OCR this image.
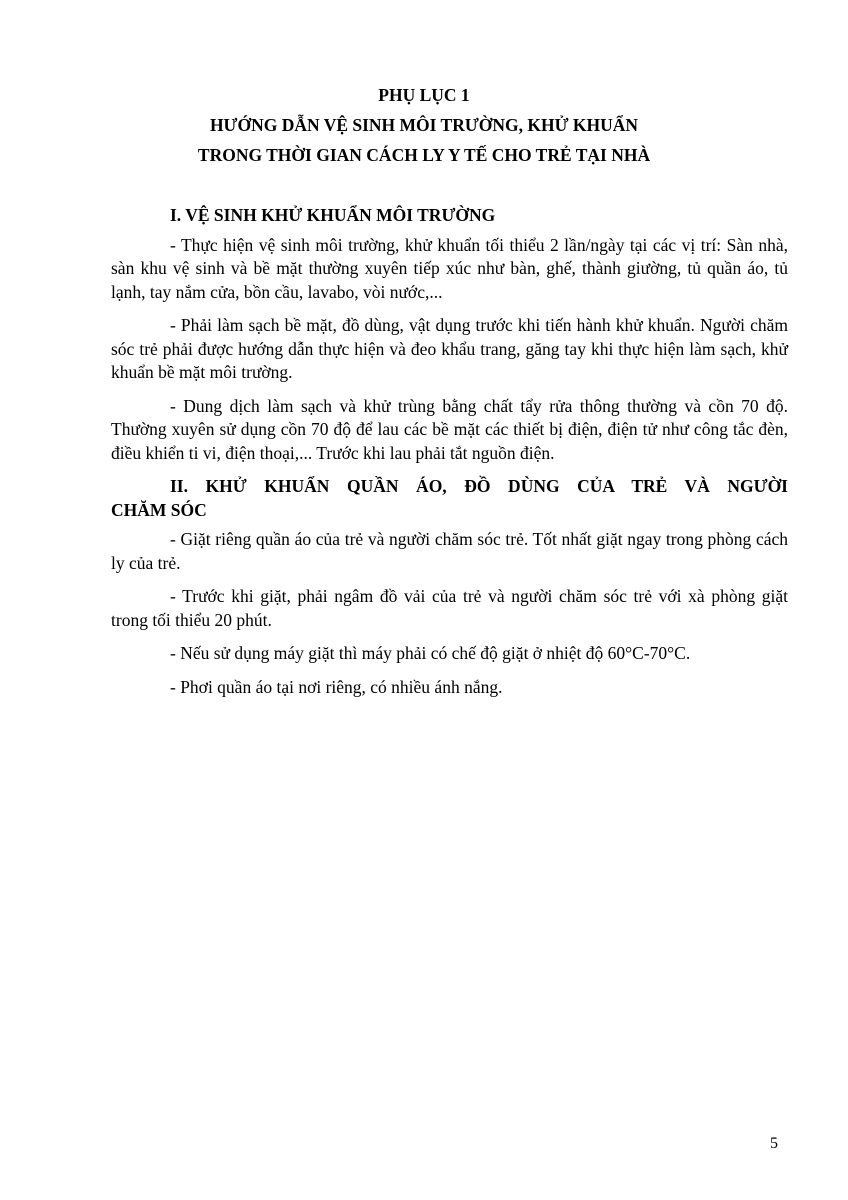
PHỤ LỤC 1
HƯỚNG DẪN VỆ SINH MÔI TRƯỜNG, KHỬ KHUẨN
TRONG THỜI GIAN CÁCH LY Y TẾ CHO TRẺ TẠI NHÀ
I. VỆ SINH KHỬ KHUẨN MÔI TRƯỜNG

- Thực hiện vệ sinh môi trường, khử khuẩn tối thiểu 2 lần/ngày tại các vị trí: Sàn nhà, sàn khu vệ sinh và bề mặt thường xuyên tiếp xúc như bàn, ghế, thành giường, tủ quần áo, tủ lạnh, tay nắm cửa, bồn cầu, lavabo, vòi nước,...

- Phải làm sạch bề mặt, đồ dùng, vật dụng trước khi tiến hành khử khuẩn. Người chăm sóc trẻ phải được hướng dẫn thực hiện và đeo khẩu trang, găng tay khi thực hiện làm sạch, khử khuẩn bề mặt môi trường.

- Dung dịch làm sạch và khử trùng bằng chất tẩy rửa thông thường và cồn 70 độ. Thường xuyên sử dụng cồn 70 độ để lau các bề mặt các thiết bị điện, điện tử như công tắc đèn, điều khiển ti vi, điện thoại,... Trước khi lau phải tắt nguồn điện.

II. KHỬ KHUẨN QUẦN ÁO, ĐỒ DÙNG CỦA TRẺ VÀ NGƯỜI
CHĂM SÓC

- Giặt riêng quần áo của trẻ và người chăm sóc trẻ. Tốt nhất giặt ngay trong phòng cách ly của trẻ.

- Trước khi giặt, phải ngâm đồ vải của trẻ và người chăm sóc trẻ với xà phòng giặt trong tối thiểu 20 phút.

- Nếu sử dụng máy giặt thì máy phải có chế độ giặt ở nhiệt độ 60°C-70°C.

- Phơi quần áo tại nơi riêng, có nhiều ánh nắng.

5
